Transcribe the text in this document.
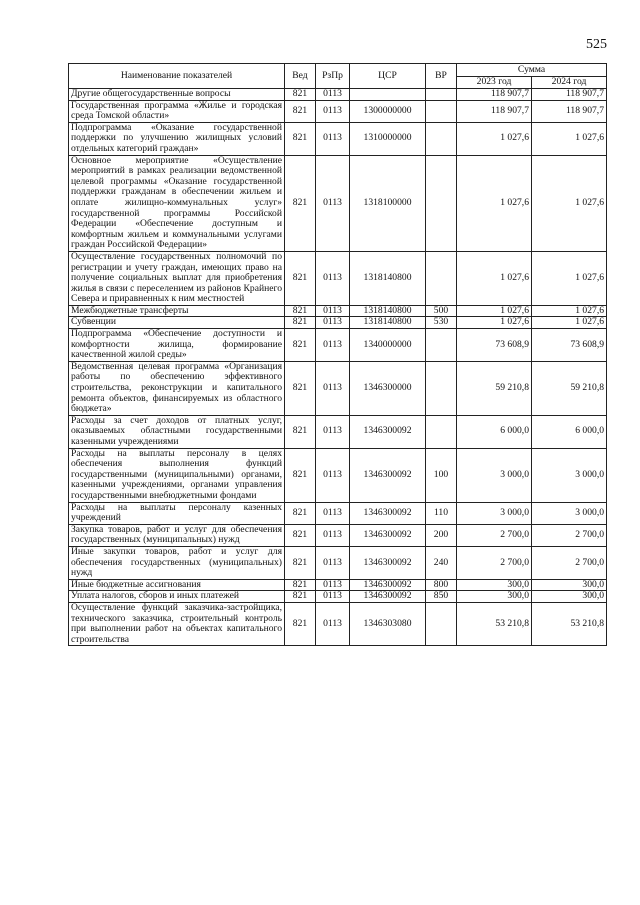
525
Наименование показателей	Вед	РзПр	ЦСР	ВР	Сумма	
					2023 год	2024 год
Другие общегосударственные вопросы	821	0113			118 907,7	118 907,7
Государственная программа «Жилье и городская среда Томской области»	821	0113	1300000000		118 907,7	118 907,7
Подпрограмма «Оказание государственной поддержки по улучшению жилищных условий отдельных категорий граждан»	821	0113	1310000000		1 027,6	1 027,6
Основное мероприятие «Осуществление мероприятий в рамках реализации ведомственной целевой программы «Оказание государственной поддержки гражданам в обеспечении жильем и оплате жилищно-коммунальных услуг» государственной программы Российской Федерации «Обеспечение доступным и комфортным жильем и коммунальными услугами граждан Российской Федерации»	821	0113	1318100000		1 027,6	1 027,6
Осуществление государственных полномочий по регистрации и учету граждан, имеющих право на получение социальных выплат для приобретения жилья в связи с переселением из районов Крайнего Севера и приравненных к ним местностей	821	0113	1318140800		1 027,6	1 027,6
Межбюджетные трансферты	821	0113	1318140800	500	1 027,6	1 027,6
Субвенции	821	0113	1318140800	530	1 027,6	1 027,6
Подпрограмма «Обеспечение доступности и комфортности жилища, формирование качественной жилой среды»	821	0113	1340000000		73 608,9	73 608,9
Ведомственная целевая программа «Организация работы по обеспечению эффективного строительства, реконструкции и капитального ремонта объектов, финансируемых из областного бюджета»	821	0113	1346300000		59 210,8	59 210,8
Расходы за счет доходов от платных услуг, оказываемых областными государственными казенными учреждениями	821	0113	1346300092		6 000,0	6 000,0
Расходы на выплаты персоналу в целях обеспечения выполнения функций государственными (муниципальными) органами, казенными учреждениями, органами управления государственными внебюджетными фондами	821	0113	1346300092	100	3 000,0	3 000,0
Расходы на выплаты персоналу казенных учреждений	821	0113	1346300092	110	3 000,0	3 000,0
Закупка товаров, работ и услуг для обеспечения государственных (муниципальных) нужд	821	0113	1346300092	200	2 700,0	2 700,0
Иные закупки товаров, работ и услуг для обеспечения государственных (муниципальных) нужд	821	0113	1346300092	240	2 700,0	2 700,0
Иные бюджетные ассигнования	821	0113	1346300092	800	300,0	300,0
Уплата налогов, сборов и иных платежей	821	0113	1346300092	850	300,0	300,0
Осуществление функций заказчика-застройщика, технического заказчика, строительный контроль при выполнении работ на объектах капитального строительства	821	0113	1346303080		53 210,8	53 210,8
